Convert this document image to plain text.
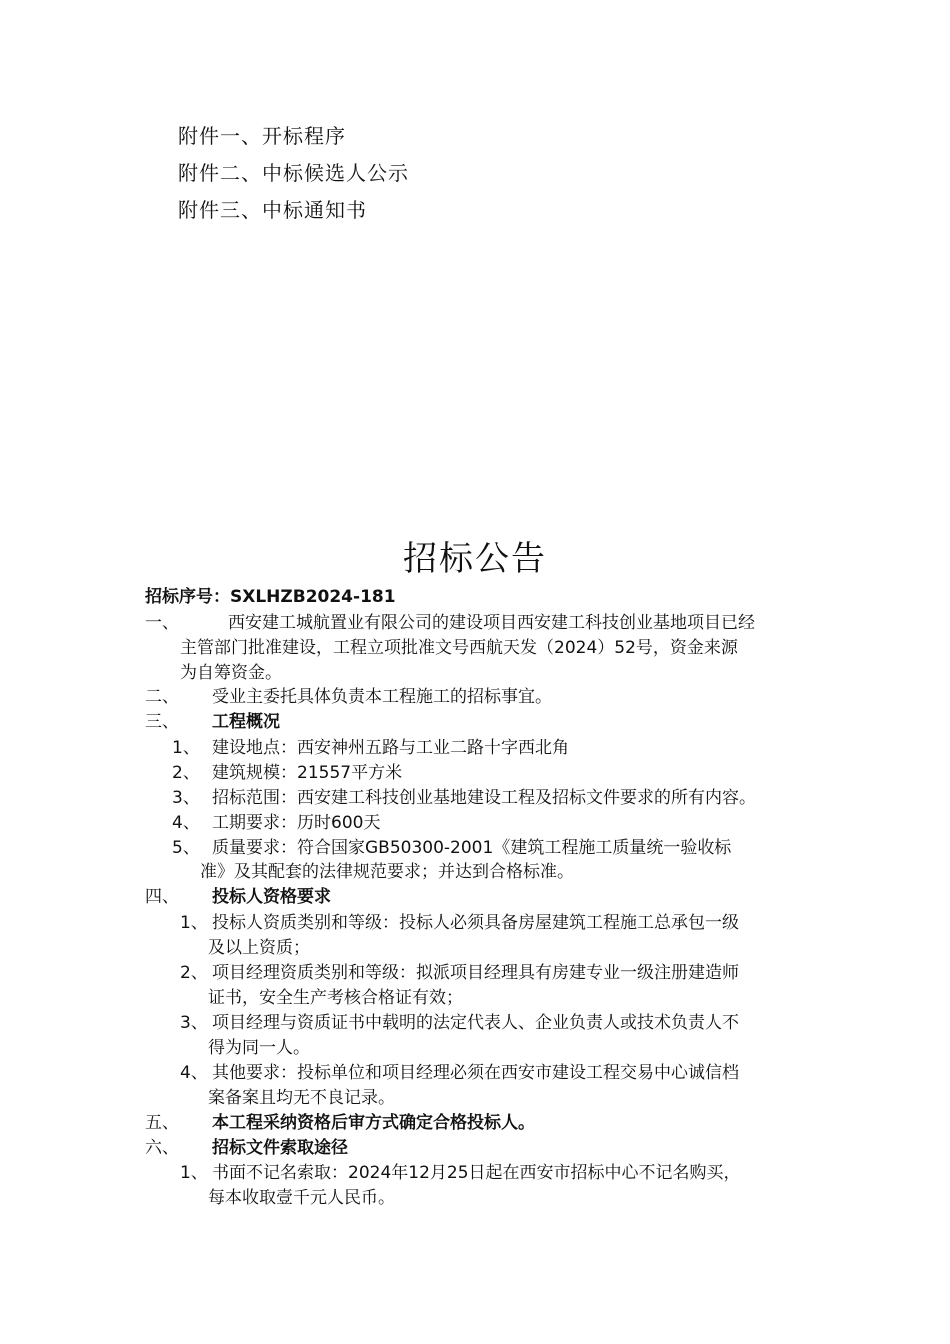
附件一、开标程序
附件二、中标候选人公示
附件三、中标通知书
招标公告
招标序号：SXLHZB2024-181
一、	西安建工城航置业有限公司的建设项目西安建工科技创业基地项目已经
主管部门批准建设，工程立项批准文号西航天发（2024）52号，资金来源
为自筹资金。
二、 受业主委托具体负责本工程施工的招标事宜。
三、 工程概况
1、 建设地点：西安神州五路与工业二路十字西北角
2、 建筑规模：21557平方米
3、 招标范围：西安建工科技创业基地建设工程及招标文件要求的所有内容。
4、 工期要求：历时600天
5、 质量要求：符合国家GB50300-2001《建筑工程施工质量统一验收标
准》及其配套的法律规范要求；并达到合格标准。
四、 投标人资格要求
1、 投标人资质类别和等级：投标人必须具备房屋建筑工程施工总承包一级
及以上资质；
2、 项目经理资质类别和等级：拟派项目经理具有房建专业一级注册建造师
证书，安全生产考核合格证有效；
3、 项目经理与资质证书中载明的法定代表人、企业负责人或技术负责人不
得为同一人。
4、 其他要求：投标单位和项目经理必须在西安市建设工程交易中心诚信档
案备案且均无不良记录。
五、 本工程采纳资格后审方式确定合格投标人。
六、 招标文件索取途径
1、 书面不记名索取：2024年12月25日起在西安市招标中心不记名购买，
每本收取壹千元人民币。
